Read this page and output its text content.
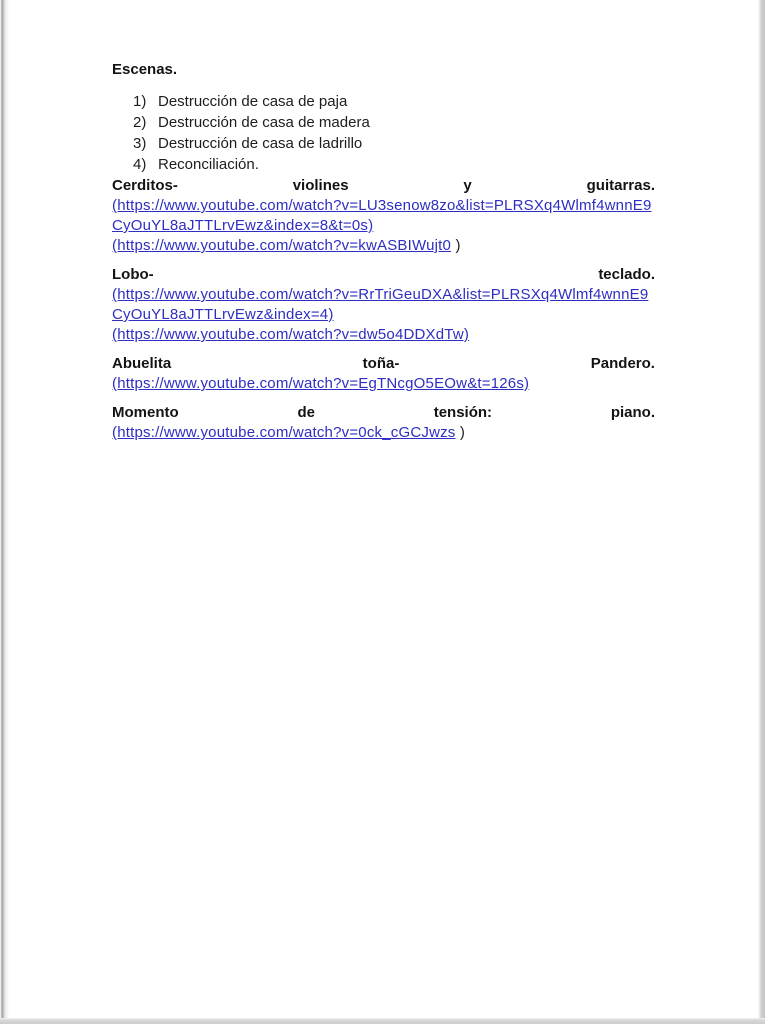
Escenas.
1) Destrucción de casa de paja
2) Destrucción de casa de madera
3) Destrucción de casa de ladrillo
4) Reconciliación.
Cerditos-	violines	y	guitarras.
(https://www.youtube.com/watch?v=LU3senow8zo&list=PLRSXq4Wlmf4wnnE9
CyOuYL8aJTTLrvEwz&index=8&t=0s)
(https://www.youtube.com/watch?v=kwASBIWujt0 )
Lobo-	teclado.
(https://www.youtube.com/watch?v=RrTriGeuDXA&list=PLRSXq4Wlmf4wnnE9
CyOuYL8aJTTLrvEwz&index=4)
(https://www.youtube.com/watch?v=dw5o4DDXdTw)
Abuelita	toña-	Pandero.
(https://www.youtube.com/watch?v=EgTNcgO5EOw&t=126s)
Momento	de	tensión:	piano.
(https://www.youtube.com/watch?v=0ck_cGCJwzs )
